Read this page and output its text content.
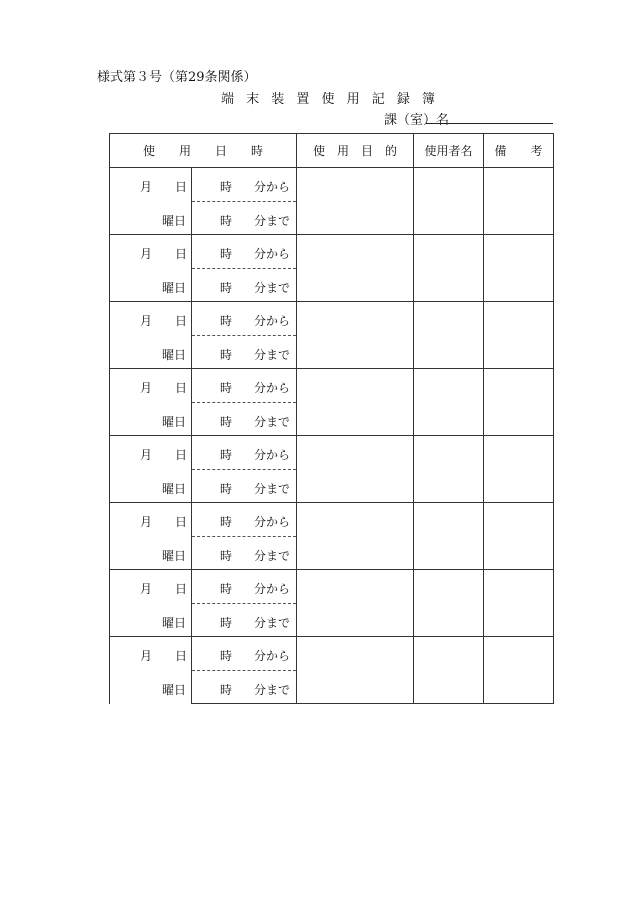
様式第３号（第29条関係）
端 末 装 置 使 用 記 録 簿
課（室）名
使　　用　　日　　時		使　用　目　的	使用者名	備　　考

月 日	時 分から			

曜日	時 分まで			

月 日	時 分から			

曜日	時 分まで			

月 日	時 分から			

曜日	時 分まで			

月 日	時 分から			

曜日	時 分まで			

月 日	時 分から			

曜日	時 分まで			

月 日	時 分から			

曜日	時 分まで			

月 日	時 分から			

曜日	時 分まで			

月 日	時 分から			

曜日	時 分まで			
